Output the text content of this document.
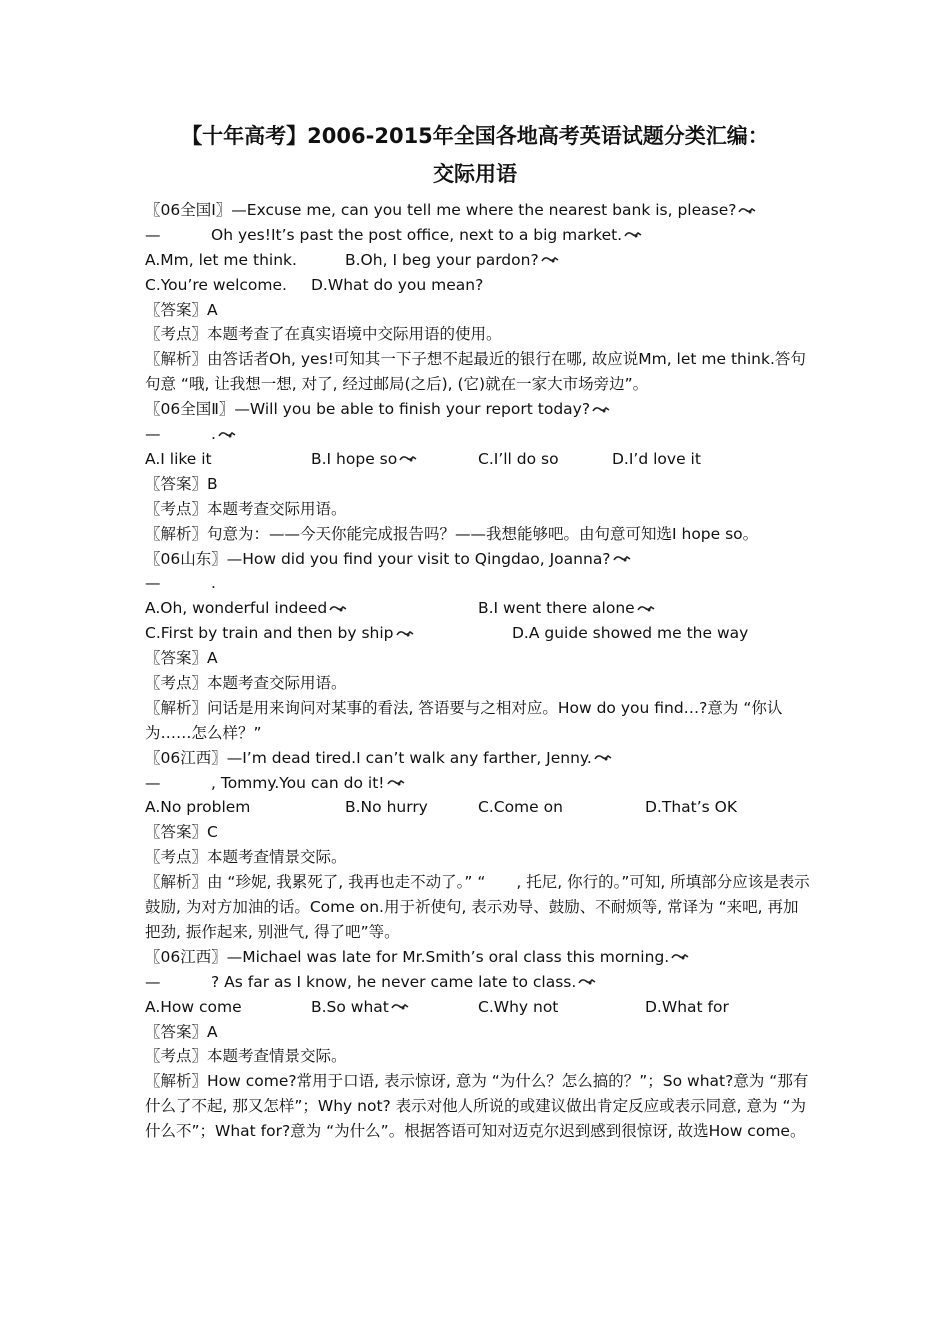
【十年高考】2006-2015年全国各地高考英语试题分类汇编：
交际用语
〖06全国Ⅰ〗—Excuse me, can you tell me where the nearest bank is, please?
—	Oh yes!It’s past the post office, next to a big market.
A.Mm, let me think.	B.Oh, I beg your pardon?
C.You’re welcome. D.What do you mean?
〖答案〗A
〖考点〗本题考查了在真实语境中交际用语的使用。
〖解析〗由答话者Oh, yes!可知其一下子想不起最近的银行在哪, 故应说Mm, let me think.答句句意 “哦, 让我想一想, 对了, 经过邮局(之后), (它)就在一家大市场旁边”。
〖06全国Ⅱ〗—Will you be able to finish your report today?
—	.
A.I like it	B.I hope so	C.I’ll do so	D.I’d love it
〖答案〗B
〖考点〗本题考查交际用语。
〖解析〗句意为：——今天你能完成报告吗？——我想能够吧。由句意可知选I hope so。
〖06山东〗—How did you find your visit to Qingdao, Joanna?
—	.
A.Oh, wonderful indeed	B.I went there alone
C.First by train and then by ship	D.A guide showed me the way
〖答案〗A
〖考点〗本题考查交际用语。
〖解析〗问话是用来询问对某事的看法, 答语要与之相对应。How do you find…?意为 “你认为……怎么样？”
〖06江西〗—I’m dead tired.I can’t walk any farther, Jenny.
—	, Tommy.You can do it!
A.No problem	B.No hurry	C.Come on	D.That’s OK
〖答案〗C
〖考点〗本题考查情景交际。
〖解析〗由 “珍妮, 我累死了, 我再也走不动了。” “　　, 托尼, 你行的。”可知, 所填部分应该是表示鼓励, 为对方加油的话。Come on.用于祈使句, 表示劝导、鼓励、不耐烦等, 常译为 “来吧, 再加把劲, 振作起来, 别泄气, 得了吧”等。
〖06江西〗—Michael was late for Mr.Smith’s oral class this morning.
—	? As far as I know, he never came late to class.
A.How come	B.So what	C.Why not	D.What for
〖答案〗A
〖考点〗本题考查情景交际。
〖解析〗How come?常用于口语, 表示惊讶, 意为 “为什么？怎么搞的？”；So what?意为 “那有什么了不起, 那又怎样”；Why not? 表示对他人所说的或建议做出肯定反应或表示同意, 意为 “为什么不”；What for?意为 “为什么”。根据答语可知对迈克尔迟到感到很惊讶, 故选How come。
